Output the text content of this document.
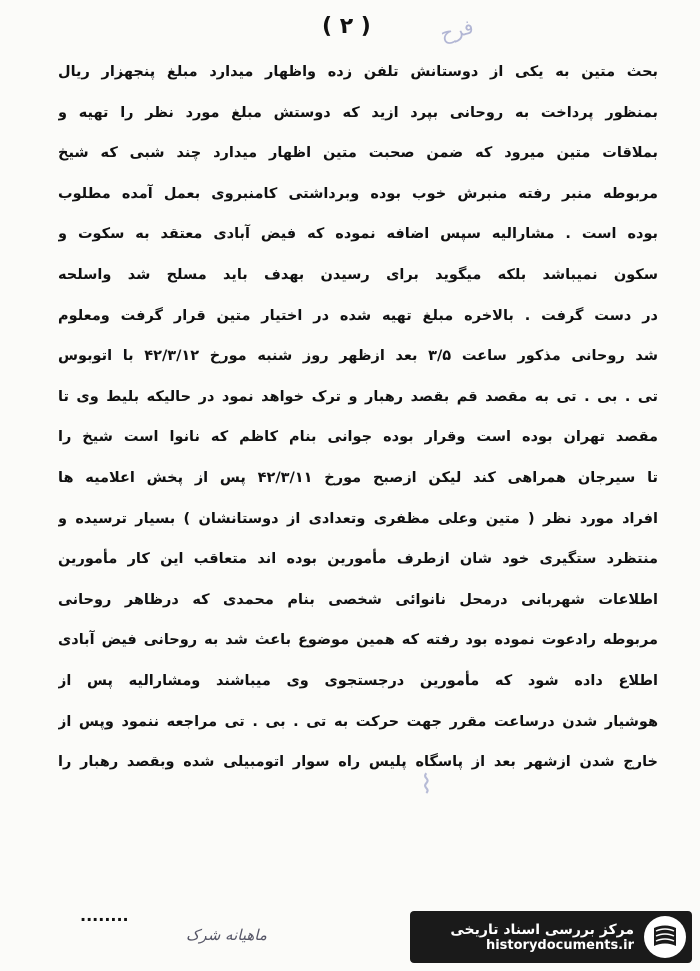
( ۲ )	فرح
بحث متین به یکی از دوستانش تلفن زده واظهار میدارد مبلغ پنجهزار ریال
بمنظور پرداخت به روحانی بپرد ازید که دوستش مبلغ مورد نظر را تهیه و
بملاقات متین میرود که ضمن صحبت متین اظهار میدارد چند شبی که شیخ
مربوطه منبر رفته منبرش خوب بوده وبرداشتی کامنبروی بعمل آمده مطلوب
بوده است . مشارالیه سپس اضافه نموده که فیض آبادی معتقد به سکوت و
سکون نمیباشد بلکه میگوید برای رسیدن بهدف باید مسلح شد واسلحه
در دست گرفت . بالاخره مبلغ تهیه شده در اختیار متین قرار گرفت ومعلوم
شد روحانی مذکور ساعت ۳/۵ بعد ازظهر روز شنبه مورخ ۴۲/۳/۱۲ با اتوبوس
تی . بی . تی به مقصد قم بقصد رهبار و ترک خواهد نمود در حالیکه بلیط وی تا
مقصد تهران بوده است وقرار بوده جوانی بنام کاظم که نانوا است شیخ را
تا سیرجان همراهی کند لیکن ازصبح مورخ ۴۲/۳/۱۱ پس از پخش اعلامیه ها
افراد مورد نظر ( متین وعلی مظفری وتعدادی از دوستانشان ) بسیار ترسیده و
منتظرد ستگیری خود شان ازطرف مأمورین بوده اند متعاقب این کار مأمورین
اطلاعات شهربانی درمحل نانوائی شخصی بنام محمدی که درظاهر روحانی
مربوطه رادعوت نموده بود رفته که همین موضوع باعث شد به روحانی فیض آبادی
اطلاع داده شود که مأمورین درجستجوی وی میباشند ومشارالیه پس از
هوشیار شدن درساعت مقرر جهت حرکت به تی . بی . تی مراجعه ننمود وپس از
خارج شدن ازشهر بعد از پاسگاه پلیس راه سوار اتومبیلی شده وبقصد رهبار را
⌇
........
ماهیانه شرک	مرکز بررسی اسناد تاریخی
historydocuments.ir
